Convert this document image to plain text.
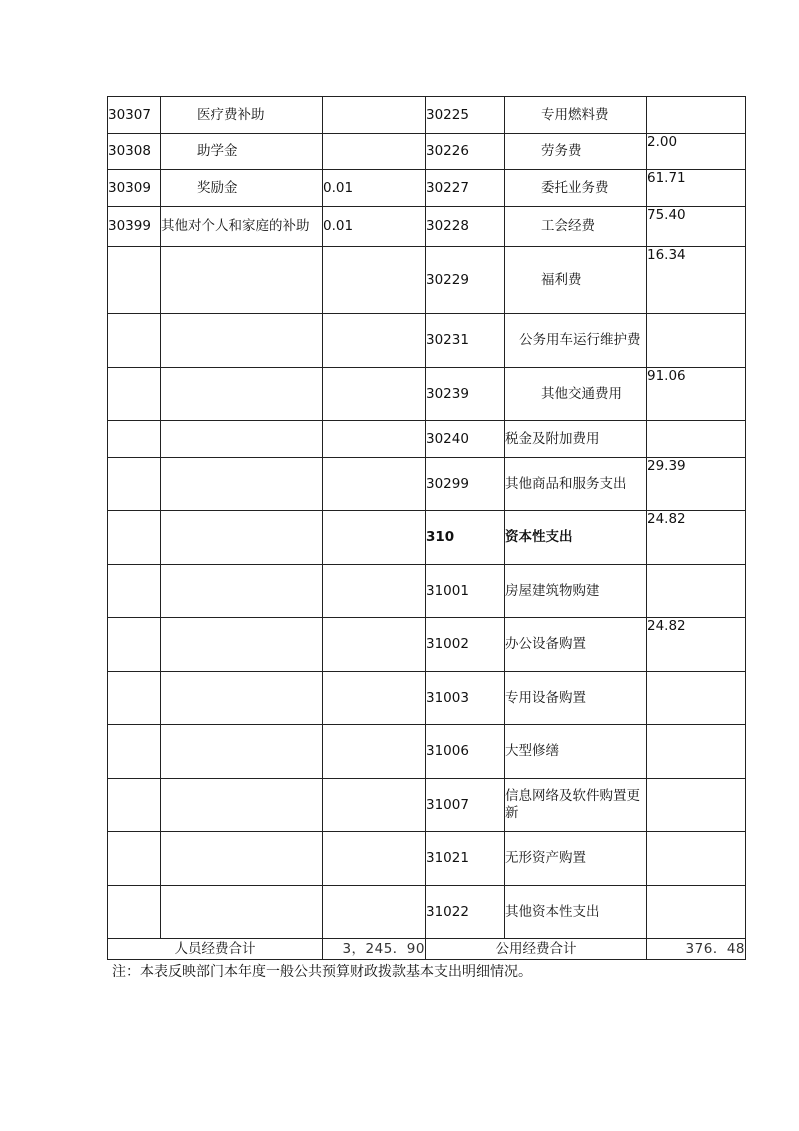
30307	医疗费补助		30225	专用燃料费	
30308	助学金		30226	劳务费	2.00
30309	奖励金	0.01	30227	委托业务费	61.71
30399	其他对个人和家庭的补助	0.01	30228	工会经费	75.40
			30229	福利费	16.34
			30231	公务用车运行维护费	
			30239	其他交通费用	91.06
			30240	税金及附加费用	
			30299	其他商品和服务支出	29.39
			310	资本性支出	24.82
			31001	房屋建筑物购建	
			31002	办公设备购置	24.82
			31003	专用设备购置	
			31006	大型修缮	
			31007	信息网络及软件购置更新	
			31021	无形资产购置	
			31022	其他资本性支出	
人员经费合计		3，245．90	公用经费合计		376．48
注：本表反映部门本年度一般公共预算财政拨款基本支出明细情况。
